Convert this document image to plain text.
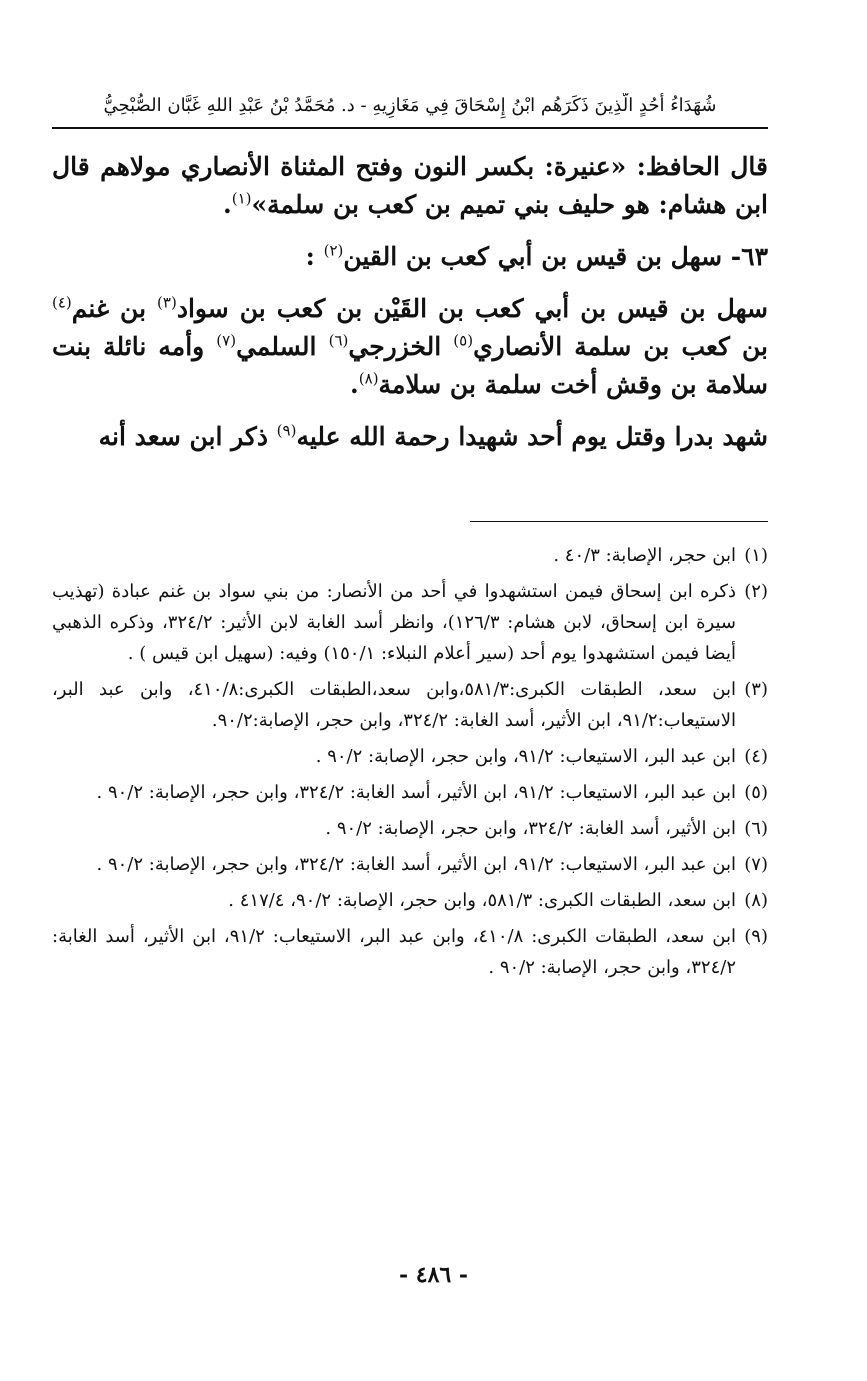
شُهَدَاءُ أُحُدٍ الَّذِينَ ذَكَرَهُم ابْنُ إِسْحَاقَ فِي مَغَازِيهِ - د. مُحَمَّدُ بْنُ عَبْدِ اللهِ غَبَّان الصُّبْحِيُّ

قال الحافظ: «عنيرة: بكسر النون وفتح المثناة الأنصاري مولاهم قال ابن هشام: هو حليف بني تميم بن كعب بن سلمة»$^{(١)}$.

٦٣- سهل بن قيس بن أبي كعب بن القين$^{(٢)}$ :

سهل بن قيس بن أبي كعب بن القَيْن بن كعب بن سواد$^{(٣)}$ بن غنم$^{(٤)}$ بن كعب بن سلمة الأنصاري$^{(٥)}$ الخزرجي$^{(٦)}$ السلمي$^{(٧)}$ وأمه نائلة بنت سلامة بن وقش أخت سلمة بن سلامة$^{(٨)}$.

شهد بدرا وقتل يوم أحد شهيدا رحمة الله عليه$^{(٩)}$ ذكر ابن سعد أنه

(١)
ابن حجر، الإصابة: ٤٠/٣ .
(٢)
ذكره ابن إسحاق فيمن استشهدوا في أحد من الأنصار: من بني سواد بن غنم عبادة (تهذيب سيرة ابن إسحاق، لابن هشام: ١٢٦/٣)، وانظر أسد الغابة لابن الأثير: ٣٢٤/٢، وذكره الذهبي أيضا فيمن استشهدوا يوم أحد (سير أعلام النبلاء: ١٥٠/١) وفيه: (سهيل ابن قيس ) .
(٣)
ابن سعد، الطبقات الكبرى:٥٨١/٣،وابن سعد،الطبقات الكبرى:٤١٠/٨، وابن عبد البر، الاستيعاب:٩١/٢، ابن الأثير، أسد الغابة: ٣٢٤/٢، وابن حجر، الإصابة:٩٠/٢.
(٤)
ابن عبد البر، الاستيعاب: ٩١/٢، وابن حجر، الإصابة: ٩٠/٢ .
(٥)
ابن عبد البر، الاستيعاب: ٩١/٢، ابن الأثير، أسد الغابة: ٣٢٤/٢، وابن حجر، الإصابة: ٩٠/٢ .
(٦)
ابن الأثير، أسد الغابة: ٣٢٤/٢، وابن حجر، الإصابة: ٩٠/٢ .
(٧)
ابن عبد البر، الاستيعاب: ٩١/٢، ابن الأثير، أسد الغابة: ٣٢٤/٢، وابن حجر، الإصابة: ٩٠/٢ .
(٨)
ابن سعد، الطبقات الكبرى: ٥٨١/٣، وابن حجر، الإصابة: ٩٠/٢، ٤١٧/٤ .
(٩)
ابن سعد، الطبقات الكبرى: ٤١٠/٨، وابن عبد البر، الاستيعاب: ٩١/٢، ابن الأثير، أسد الغابة: ٣٢٤/٢، وابن حجر، الإصابة: ٩٠/٢ .
- ٤٨٦ -
